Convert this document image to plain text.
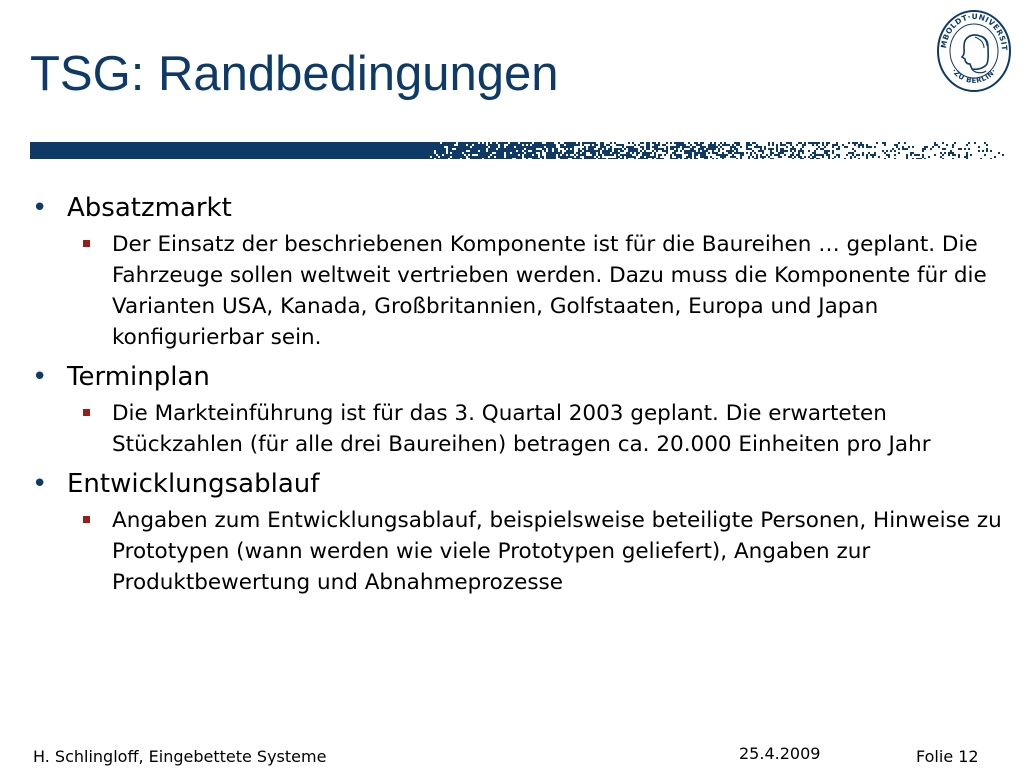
TSG: Randbedingungen
MBOLDT·UNIVERSIT
·ZU BERLIN·
• Absatzmarkt
Der Einsatz der beschriebenen Komponente ist für die Baureihen … geplant. Die Fahrzeuge sollen weltweit vertrieben werden. Dazu muss die Komponente für die Varianten USA, Kanada, Großbritannien, Golfstaaten, Europa und Japan konfigurierbar sein.
• Terminplan
Die Markteinführung ist für das 3. Quartal 2003 geplant. Die erwarteten Stückzahlen (für alle drei Baureihen) betragen ca. 20.000 Einheiten pro Jahr
• Entwicklungsablauf
Angaben zum Entwicklungsablauf, beispielsweise beteiligte Personen, Hinweise zu Prototypen (wann werden wie viele Prototypen geliefert), Angaben zur Produktbewertung und Abnahmeprozesse
H. Schlingloff, Eingebettete Systeme	25.4.2009	Folie 12
